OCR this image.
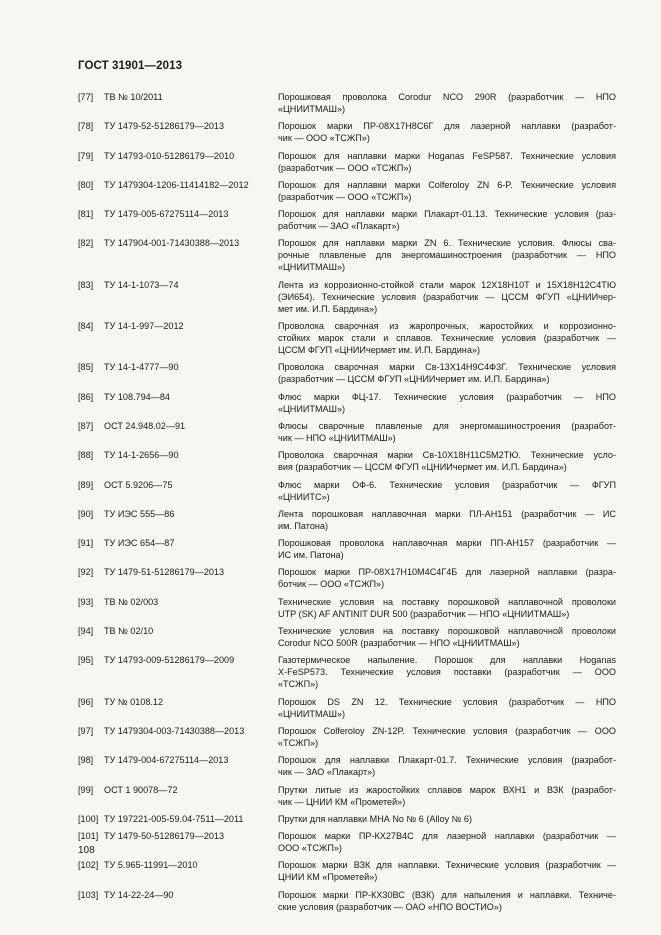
ГОСТ 31901—2013
[77]	ТВ № 10/2011	Порошковая проволока Corodur NCO 290R (разработчик — НПО
«ЦНИИТМАШ»)
[78]	ТУ 1479-52-51286179—2013	Порошок марки ПР-08Х17Н8С6Г для лазерной наплавки (разработ-
чик — ООО «ТСЖП»)
[79]	ТУ 14793-010-51286179—2010	Порошок для наплавки марки Hoganas FeSP587. Технические условия
(разработчик — ООО «ТСЖП»)
[80]	ТУ 1479304-1206-11414182—2012	Порошок для наплавки марки Colferoloy ZN 6-P. Технические условия
(разработчик — ООО «ТСЖП»)
[81]	ТУ 1479-005-67275114—2013	Порошок для наплавки марки Плакарт-01.13. Технические условия (раз-
работчик — ЗАО «Плакарт»)
[82]	ТУ 147904-001-71430388—2013	Порошок для наплавки марки ZN 6. Технические условия. Флюсы сва-
рочные плавленые для энергомашиностроения (разработчик — НПО
«ЦНИИТМАШ»)
[83]	ТУ 14-1-1073—74	Лента из коррозионно-стойкой стали марок 12Х18Н10Т и 15Х18Н12С4ТЮ
(ЭИ654). Технические условия (разработчик — ЦССМ ФГУП «ЦНИИчер-
мет им. И.П. Бардина»)
[84]	ТУ 14-1-997—2012	Проволока сварочная из жаропрочных, жаростойких и коррозионно-
стойких марок стали и сплавов. Технические условия (разработчик —
ЦССМ ФГУП «ЦНИИчермет им. И.П. Бардина»)
[85]	ТУ 14-1-4777—90	Проволока сварочная марки Св-13Х14Н9С4Ф3Г. Технические условия
(разработчик — ЦССМ ФГУП «ЦНИИчермет им. И.П. Бардина»)
[86]	ТУ 108.794—84	Флюс марки ФЦ-17. Технические условия (разработчик — НПО
«ЦНИИТМАШ»)
[87]	ОСТ 24.948.02—91	Флюсы сварочные плавленые для энергомашиностроения (разработ-
чик — НПО «ЦНИИТМАШ»)
[88]	ТУ 14-1-2656—90	Проволока сварочная марки Св-10Х18Н11С5М2ТЮ. Технические усло-
вия (разработчик — ЦССМ ФГУП «ЦНИИчермет им. И.П. Бардина»)
[89]	ОСТ 5.9206—75	Флюс марки ОФ-6. Технические условия (разработчик — ФГУП
«ЦНИИТС»)
[90]	ТУ ИЭС 555—86	Лента порошковая наплавочная марки ПЛ-АН151 (разработчик — ИС
им. Патона)
[91]	ТУ ИЭС 654—87	Порошковая проволока наплавочная марки ПП-АН157 (разработчик —
ИС им. Патона)
[92]	ТУ 1479-51-51286179—2013	Порошок марки ПР-08Х17Н10М4С4Г4Б для лазерной наплавки (разра-
ботчик — ООО «ТСЖП»)
[93]	ТВ № 02/003	Технические условия на поставку порошковой наплавочной проволоки
UTP (SK) AF ANTINIT DUR 500 (разработчик — НПО «ЦНИИТМАШ»)
[94]	ТВ № 02/10	Технические условия на поставку порошковой наплавочной проволоки
Corodur NCO 500R (разработчик — НПО «ЦНИИТМАШ»)
[95]	ТУ 14793-009-51286179—2009	Газотермическое напыление. Порошок для наплавки Hoganas
X-FeSP573. Технические условия поставки (разработчик — ООО
«ТСЖП»)
[96]	ТУ № 0108.12	Порошок DS ZN 12. Технические условия (разработчик — НПО
«ЦНИИТМАШ»)
[97]	ТУ 1479304-003-71430388—2013	Порошок Colferoloy ZN-12P. Технические условия (разработчик — ООО
«ТСЖП»)
[98]	ТУ 1479-004-67275114—2013	Порошок для наплавки Плакарт-01.7. Технические условия (разработ-
чик — ЗАО «Плакарт»)
[99]	ОСТ 1 90078—72	Прутки литые из жаростойких сплавов марок ВХН1 и ВЗК (разработ-
чик — ЦНИИ КМ «Прометей»)
[100] ТУ 197221-005-59.04-7511—2011	Прутки для наплавки МНА No № 6 (Alloy № 6)
[101] ТУ 1479-50-51286179—2013	Порошок марки ПР-КХ27В4С для лазерной наплавки (разработчик —
ООО «ТСЖП»)
[102] ТУ 5.965-11991—2010	Порошок марки ВЗК для наплавки. Технические условия (разработчик —
ЦНИИ КМ «Прометей»)
[103] ТУ 14-22-24—90	Порошок марки ПР-КХ30ВС (ВЗК) для напыления и наплавки. Техниче-
ские условия (разработчик — ОАО «НПО ВОСТИО»)
108
